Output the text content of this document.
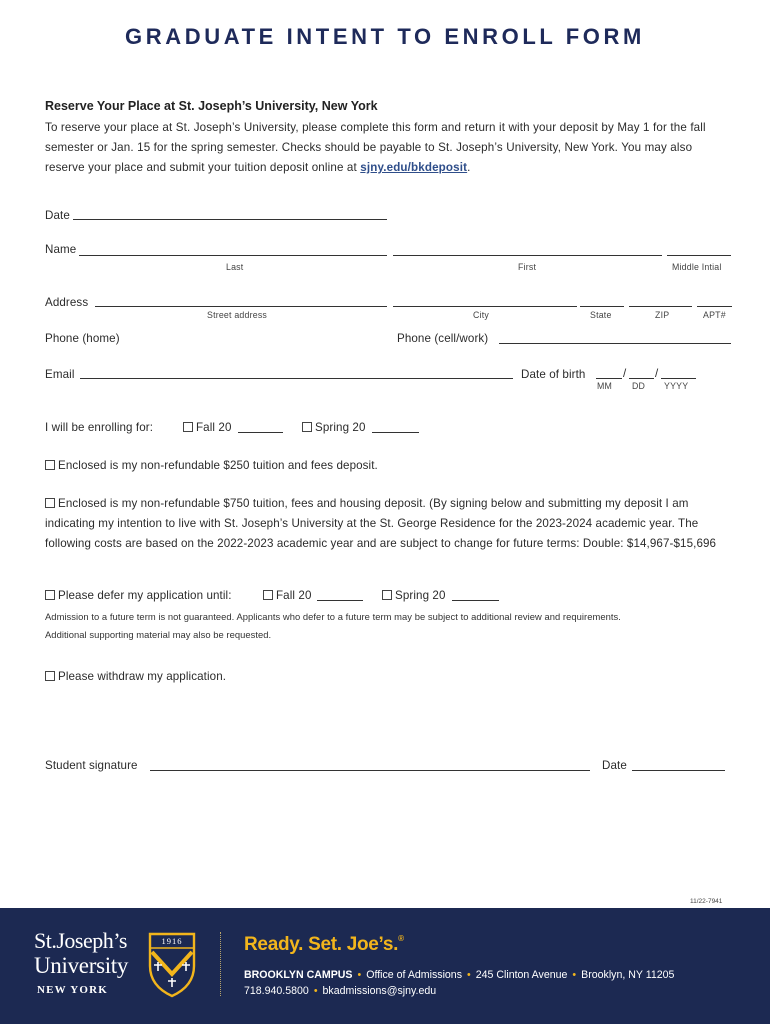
GRADUATE INTENT TO ENROLL FORM
Reserve Your Place at St. Joseph’s University, New York
To reserve your place at St. Joseph’s University, please complete this form and return it with your deposit by May 1 for the fall semester or Jan. 15 for the spring semester. Checks should be payable to St. Joseph’s University, New York. You may also reserve your place and submit your tuition deposit online at sjny.edu/bkdeposit.
Date
Name
Last	First	Middle Intial
Address
Street address	City	State	ZIP	APT#
Phone (home)	Phone (cell/work)
Email	Date of birth	/ /
MM DD YYYY
I will be enrolling for:	Fall 20	Spring 20
Enclosed is my non-refundable $250 tuition and fees deposit.
Enclosed is my non-refundable $750 tuition, fees and housing deposit. (By signing below and submitting my deposit I am indicating my intention to live with St. Joseph’s University at the St. George Residence for the 2023-2024 academic year. The following costs are based on the 2022-2023 academic year and are subject to change for future terms: Double: $14,967-$15,696
Please defer my application until:	Fall 20	Spring 20
Admission to a future term is not guaranteed. Applicants who defer to a future term may be subject to additional review and requirements.
Additional supporting material may also be requested.
Please withdraw my application.
Student signature	Date
11/22-7941
St.Joseph’s
University
NEW YORK
1916	Ready. Set. Joe’s.®
BROOKLYN CAMPUS • Office of Admissions • 245 Clinton Avenue • Brooklyn, NY 11205
718.940.5800 • bkadmissions@sjny.edu
